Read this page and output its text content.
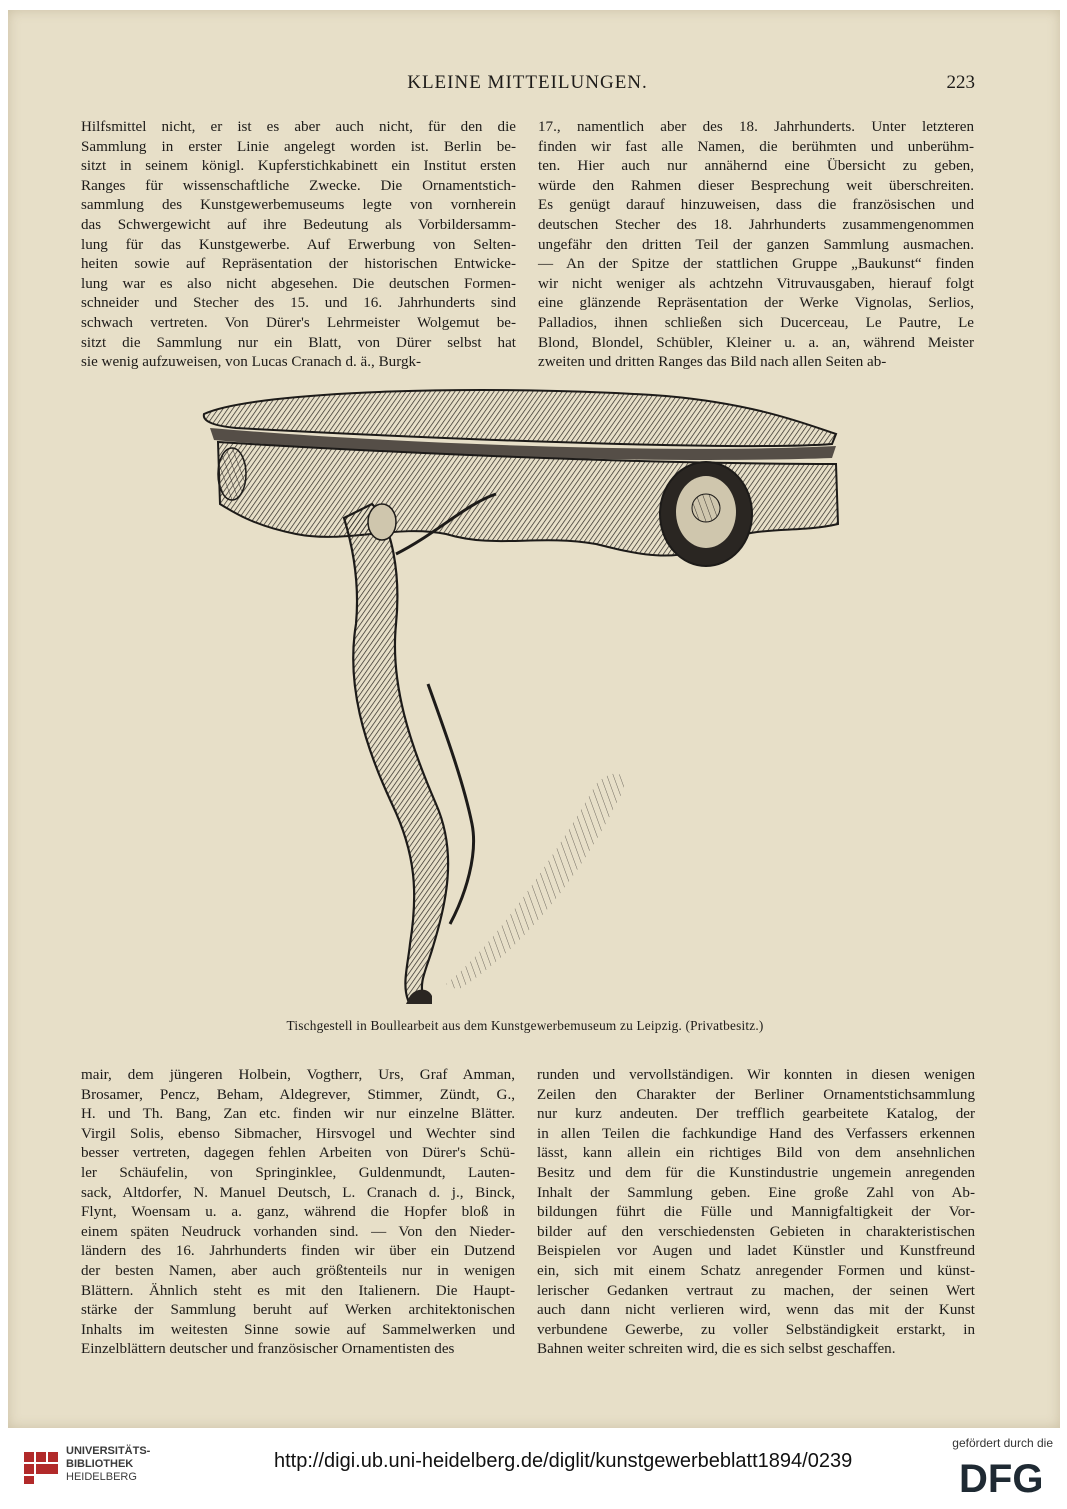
KLEINE MITTEILUNGEN.	223
Hilfsmittel nicht, er ist es aber auch nicht, für den die
Sammlung in erster Linie angelegt worden ist. Berlin be-
sitzt in seinem königl. Kupferstichkabinett ein Institut ersten
Ranges für wissenschaftliche Zwecke. Die Ornamentstich-
sammlung des Kunstgewerbemuseums legte von vornherein
das Schwergewicht auf ihre Bedeutung als Vorbildersamm-
lung für das Kunstgewerbe. Auf Erwerbung von Selten-
heiten sowie auf Repräsentation der historischen Entwicke-
lung war es also nicht abgesehen. Die deutschen Formen-
schneider und Stecher des 15. und 16. Jahrhunderts sind
schwach vertreten. Von Dürer's Lehrmeister Wolgemut be-
sitzt die Sammlung nur ein Blatt, von Dürer selbst hat
sie wenig aufzuweisen, von Lucas Cranach d. ä., Burgk-
17., namentlich aber des 18. Jahrhunderts. Unter letzteren
finden wir fast alle Namen, die berühmten und unberühm-
ten. Hier auch nur annähernd eine Übersicht zu geben,
würde den Rahmen dieser Besprechung weit überschreiten.
Es genügt darauf hinzuweisen, dass die französischen und
deutschen Stecher des 18. Jahrhunderts zusammengenommen
ungefähr den dritten Teil der ganzen Sammlung ausmachen.
— An der Spitze der stattlichen Gruppe „Baukunst“ finden
wir nicht weniger als achtzehn Vitruvausgaben, hierauf folgt
eine glänzende Repräsentation der Werke Vignolas, Serlios,
Palladios, ihnen schließen sich Ducerceau, Le Pautre, Le
Blond, Blondel, Schübler, Kleiner u. a. an, während Meister
zweiten und dritten Ranges das Bild nach allen Seiten ab-
Tischgestell in Boullearbeit aus dem Kunstgewerbemuseum zu Leipzig. (Privatbesitz.)
mair, dem jüngeren Holbein, Vogtherr, Urs, Graf Amman,
Brosamer, Pencz, Beham, Aldegrever, Stimmer, Zündt, G.,
H. und Th. Bang, Zan etc. finden wir nur einzelne Blätter.
Virgil Solis, ebenso Sibmacher, Hirsvogel und Wechter sind
besser vertreten, dagegen fehlen Arbeiten von Dürer's Schü-
ler Schäufelin, von Springinklee, Guldenmundt, Lauten-
sack, Altdorfer, N. Manuel Deutsch, L. Cranach d. j., Binck,
Flynt, Woensam u. a. ganz, während die Hopfer bloß in
einem späten Neudruck vorhanden sind. — Von den Nieder-
ländern des 16. Jahrhunderts finden wir über ein Dutzend
der besten Namen, aber auch größtenteils nur in wenigen
Blättern. Ähnlich steht es mit den Italienern. Die Haupt-
stärke der Sammlung beruht auf Werken architektonischen
Inhalts im weitesten Sinne sowie auf Sammelwerken und
Einzelblättern deutscher und französischer Ornamentisten des
runden und vervollständigen. Wir konnten in diesen wenigen
Zeilen den Charakter der Berliner Ornamentstichsammlung
nur kurz andeuten. Der trefflich gearbeitete Katalog, der
in allen Teilen die fachkundige Hand des Verfassers erkennen
lässt, kann allein ein richtiges Bild von dem ansehnlichen
Besitz und dem für die Kunstindustrie ungemein anregenden
Inhalt der Sammlung geben. Eine große Zahl von Ab-
bildungen führt die Fülle und Mannigfaltigkeit der Vor-
bilder auf den verschiedensten Gebieten in charakteristischen
Beispielen vor Augen und ladet Künstler und Kunstfreund
ein, sich mit einem Schatz anregender Formen und künst-
lerischer Gedanken vertraut zu machen, der seinen Wert
auch dann nicht verlieren wird, wenn das mit der Kunst
verbundene Gewerbe, zu voller Selbständigkeit erstarkt, in
Bahnen weiter schreiten wird, die es sich selbst geschaffen.
UNIVERSITÄTS-
BIBLIOTHEK
HEIDELBERG
http://digi.ub.uni-heidelberg.de/diglit/kunstgewerbeblatt1894/0239
gefördert durch die
DFG
